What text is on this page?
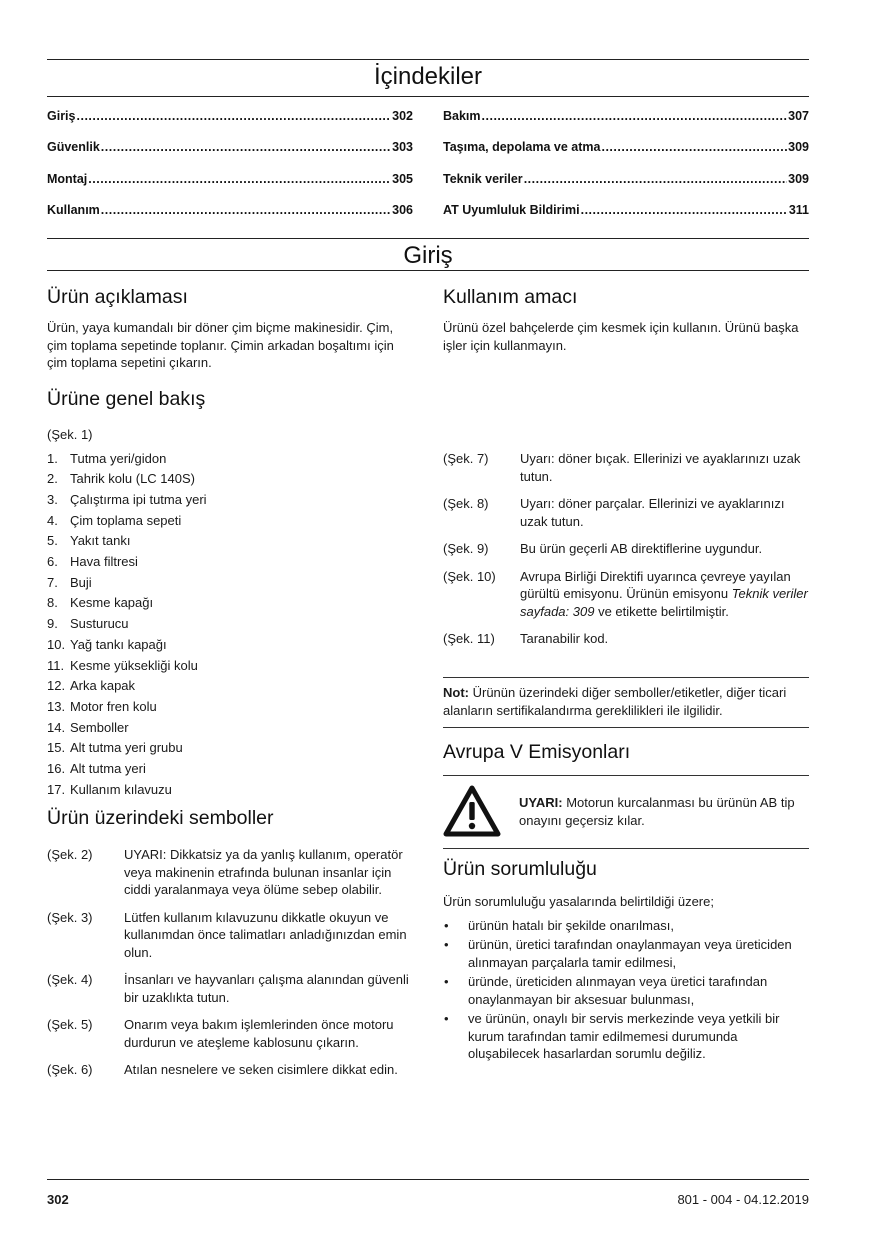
İçindekiler
Giriş .....	302
Güvenlik .....	303
Montaj .....	305
Kullanım .....	306
Bakım .....	307
Taşıma, depolama ve atma .....	309
Teknik veriler .....	309
AT Uyumluluk Bildirimi .....	311
Giriş
Ürün açıklaması

Ürün, yaya kumandalı bir döner çim biçme makinesidir. Çim, çim toplama sepetinde toplanır. Çimin arkadan boşaltımı için çim toplama sepetini çıkarın.

Ürüne genel bakış

(Şek. 1)

1. Tutma yeri/gidon
2. Tahrik kolu (LC 140S)
3. Çalıştırma ipi tutma yeri
4. Çim toplama sepeti
5. Yakıt tankı
6. Hava filtresi
7. Buji
8. Kesme kapağı
9. Susturucu
10. Yağ tankı kapağı
11. Kesme yüksekliği kolu
12. Arka kapak
13. Motor fren kolu
14. Semboller
15. Alt tutma yeri grubu
16. Alt tutma yeri
17. Kullanım kılavuzu
Ürün üzerindeki semboller
(Şek. 2)	UYARI: Dikkatsiz ya da yanlış kullanım, operatör veya makinenin etrafında bulunan insanlar için ciddi yaralanmaya veya ölüme sebep olabilir.
(Şek. 3)	Lütfen kullanım kılavuzunu dikkatle okuyun ve kullanımdan önce talimatları anladığınızdan emin olun.
(Şek. 4)	İnsanları ve hayvanları çalışma alanından güvenli bir uzaklıkta tutun.
(Şek. 5)	Onarım veya bakım işlemlerinden önce motoru durdurun ve ateşleme kablosunu çıkarın.
(Şek. 6)	Atılan nesnelere ve seken cisimlere dikkat edin.
Kullanım amacı

Ürünü özel bahçelerde çim kesmek için kullanın. Ürünü başka işler için kullanmayın.

(Şek. 7)	Uyarı: döner bıçak. Ellerinizi ve ayaklarınızı uzak tutun.
(Şek. 8)	Uyarı: döner parçalar. Ellerinizi ve ayaklarınızı uzak tutun.
(Şek. 9)	Bu ürün geçerli AB direktiflerine uygundur.
(Şek. 10)	Avrupa Birliği Direktifi uyarınca çevreye yayılan gürültü emisyonu. Ürünün emisyonu Teknik veriler sayfada: 309 ve etikette belirtilmiştir.
(Şek. 11)	Taranabilir kod.

Not: Ürünün üzerindeki diğer semboller/etiketler, diğer ticari alanların sertifikalandırma gereklilikleri ile ilgilidir.

Avrupa V Emisyonları

UYARI: Motorun kurcalanması bu ürünün AB tip onayını geçersiz kılar.

Ürün sorumluluğu

Ürün sorumluluğu yasalarında belirtildiği üzere;

•	ürünün hatalı bir şekilde onarılması,
•	ürünün, üretici tarafından onaylanmayan veya üreticiden alınmayan parçalarla tamir edilmesi,
•	üründe, üreticiden alınmayan veya üretici tarafından onaylanmayan bir aksesuar bulunması,
•	ve ürünün, onaylı bir servis merkezinde veya yetkili bir kurum tarafından tamir edilmemesi durumunda oluşabilecek hasarlardan sorumlu değiliz.
302	801 - 004 - 04.12.2019
